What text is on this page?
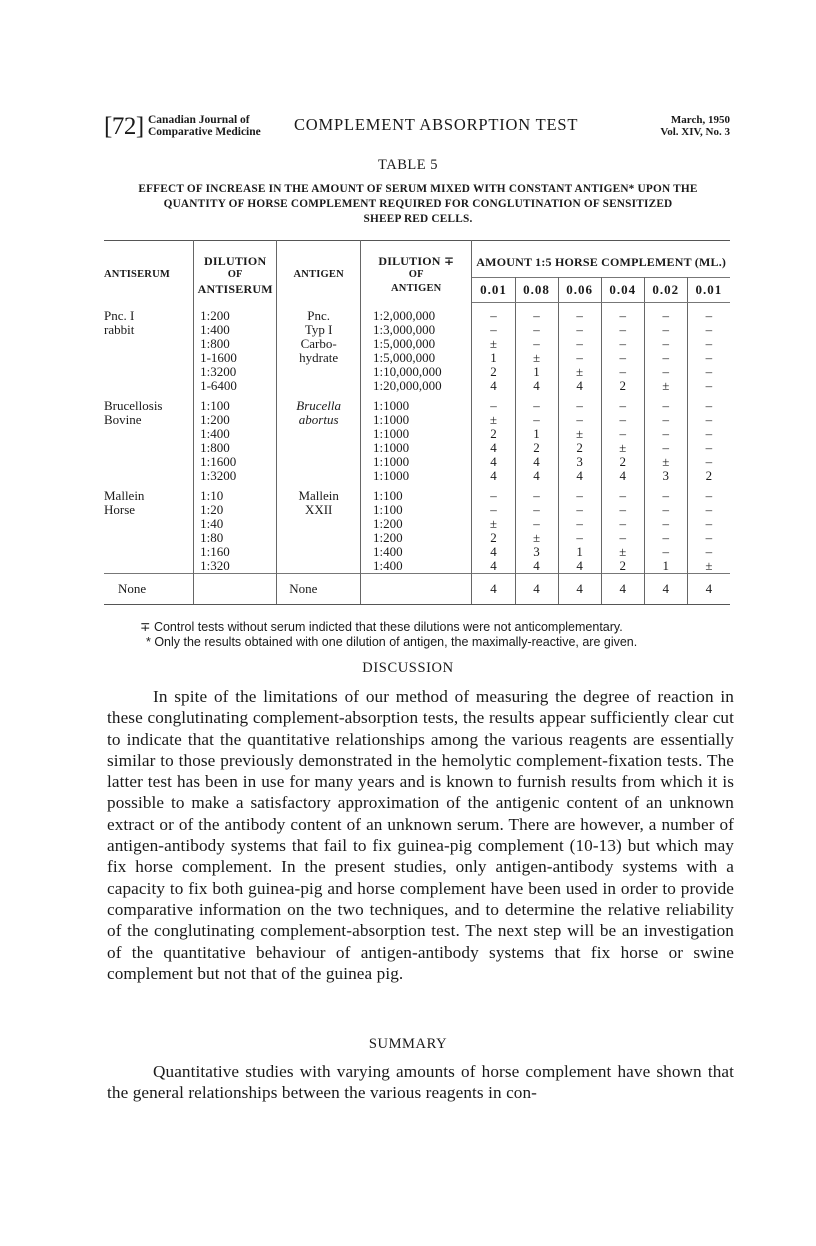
[72] Canadian Journal of
Comparative Medicine COMPLEMENT ABSORPTION TEST	March, 1950
Vol. XIV, No. 3
TABLE 5
EFFECT OF INCREASE IN THE AMOUNT OF SERUM MIXED WITH CONSTANT ANTIGEN* UPON THE
QUANTITY OF HORSE COMPLEMENT REQUIRED FOR CONGLUTINATION OF SENSITIZED
SHEEP RED CELLS.
ANTISERUM	
DILUTION
OF
ANTISERUM
	ANTIGEN	
DILUTION ∓
OF
ANTIGEN
	AMOUNT 1:5 HORSE COMPLEMENT (ML.)
				0.01	0.08	0.06	0.04	0.02	0.01
Pnc. I	1:200	Pnc.	1:2,000,000	–	–	–	–	–	–
rabbit	1:400	Typ I	1:3,000,000	–	–	–	–	–	–
	1:800	Carbo-	1:5,000,000	±	–	–	–	–	–
	1-1600	hydrate	1:5,000,000	1	±	–	–	–	–
	1:3200		1:10,000,000	2	1	±	–	–	–
	1-6400		1:20,000,000	4	4	4	2	±	–
Brucellosis	1:100	Brucella	1:1000	–	–	–	–	–	–
Bovine	1:200	abortus	1:1000	±	–	–	–	–	–
	1:400		1:1000	2	1	±	–	–	–
	1:800		1:1000	4	2	2	±	–	–
	1:1600		1:1000	4	4	3	2	±	–
	1:3200		1:1000	4	4	4	4	3	2
Mallein	1:10	Mallein	1:100	–	–	–	–	–	–
Horse	1:20	XXII	1:100	–	–	–	–	–	–
	1:40		1:200	±	–	–	–	–	–
	1:80		1:200	2	±	–	–	–	–
	1:160		1:400	4	3	1	±	–	–
	1:320		1:400	4	4	4	2	1	±
None		None		4	4	4	4	4	4
∓ Control tests without serum indicted that these dilutions were not anticomplementary.
* Only the results obtained with one dilution of antigen, the maximally-reactive, are given.
DISCUSSION
In spite of the limitations of our method of measuring the degree of reaction in these conglutinating complement-absorption tests, the results appear sufficiently clear cut to indicate that the quantitative relationships among the various reagents are essentially similar to those previously demonstrated in the hemolytic complement-fixation tests. The latter test has been in use for many years and is known to furnish results from which it is possible to make a satisfactory approximation of the antigenic content of an unknown extract or of the antibody content of an unknown serum. There are however, a number of antigen-antibody systems that fail to fix guinea-pig complement (10-13) but which may fix horse complement. In the present studies, only antigen-antibody systems with a capacity to fix both guinea-pig and horse complement have been used in order to provide comparative information on the two techniques, and to determine the relative reliability of the conglutinating complement-absorption test. The next step will be an investigation of the quantitative behaviour of antigen-antibody systems that fix horse or swine complement but not that of the guinea pig.
SUMMARY
Quantitative studies with varying amounts of horse complement have shown that the general relationships between the various reagents in con-
